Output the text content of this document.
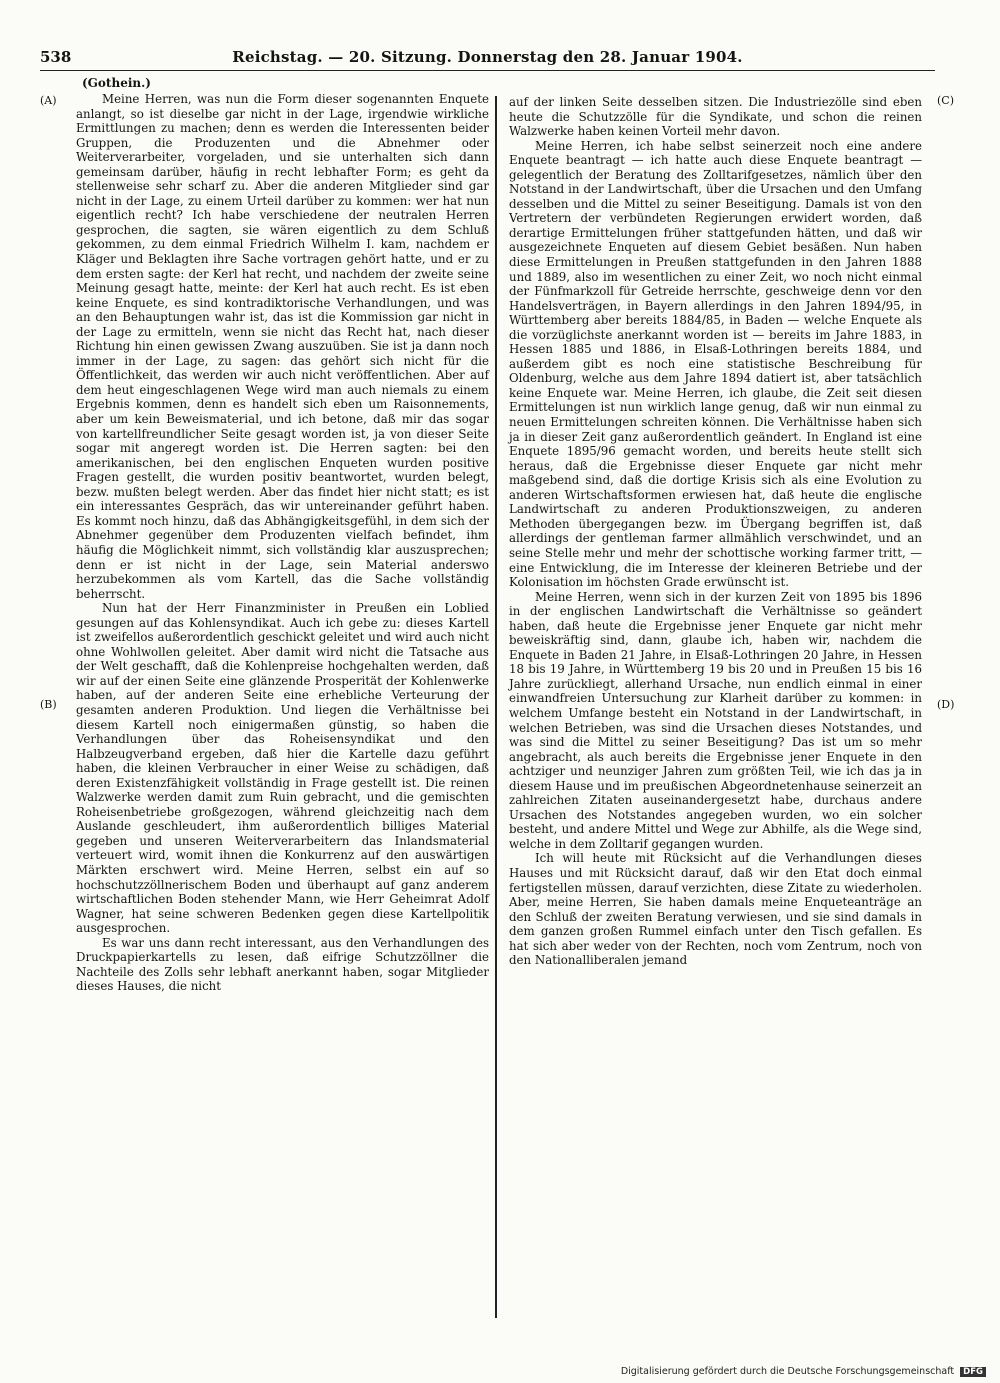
538	Reichstag. — 20. Sitzung. Donnerstag den 28. Januar 1904.
(Gothein.)
(A)
(B)
(C)
(D)

Meine Herren, was nun die Form dieser sogenannten Enquete anlangt, so ist dieselbe gar nicht in der Lage, irgendwie wirkliche Ermittlungen zu machen; denn es werden die Interessenten beider Gruppen, die Produzenten und die Abnehmer oder Weiterverarbeiter, vorgeladen, und sie unterhalten sich dann gemeinsam darüber, häufig in recht lebhafter Form; es geht da stellenweise sehr scharf zu. Aber die anderen Mitglieder sind gar nicht in der Lage, zu einem Urteil darüber zu kommen: wer hat nun eigentlich recht? Ich habe verschiedene der neutralen Herren gesprochen, die sagten, sie wären eigentlich zu dem Schluß gekommen, zu dem einmal Friedrich Wilhelm I. kam, nachdem er Kläger und Beklagten ihre Sache vortragen gehört hatte, und er zu dem ersten sagte: der Kerl hat recht, und nachdem der zweite seine Meinung gesagt hatte, meinte: der Kerl hat auch recht. Es ist eben keine Enquete, es sind kontradiktorische Verhandlungen, und was an den Behauptungen wahr ist, das ist die Kommission gar nicht in der Lage zu ermitteln, wenn sie nicht das Recht hat, nach dieser Richtung hin einen gewissen Zwang auszuüben. Sie ist ja dann noch immer in der Lage, zu sagen: das gehört sich nicht für die Öffentlichkeit, das werden wir auch nicht veröffentlichen. Aber auf dem heut eingeschlagenen Wege wird man auch niemals zu einem Ergebnis kommen, denn es handelt sich eben um Raisonnements, aber um kein Beweismaterial, und ich betone, daß mir das sogar von kartellfreundlicher Seite gesagt worden ist, ja von dieser Seite sogar mit angeregt worden ist. Die Herren sagten: bei den amerikanischen, bei den englischen Enqueten wurden positive Fragen gestellt, die wurden positiv beantwortet, wurden belegt, bezw. mußten belegt werden. Aber das findet hier nicht statt; es ist ein interessantes Gespräch, das wir untereinander geführt haben. Es kommt noch hinzu, daß das Abhängigkeitsgefühl, in dem sich der Abnehmer gegenüber dem Produzenten vielfach befindet, ihm häufig die Möglichkeit nimmt, sich vollständig klar auszusprechen; denn er ist nicht in der Lage, sein Material anderswo herzubekommen als vom Kartell, das die Sache vollständig beherrscht.

Nun hat der Herr Finanzminister in Preußen ein Loblied gesungen auf das Kohlensyndikat. Auch ich gebe zu: dieses Kartell ist zweifellos außerordentlich geschickt geleitet und wird auch nicht ohne Wohlwollen geleitet. Aber damit wird nicht die Tatsache aus der Welt geschafft, daß die Kohlenpreise hochgehalten werden, daß wir auf der einen Seite eine glänzende Prosperität der Kohlenwerke haben, auf der anderen Seite eine erhebliche Verteurung der gesamten anderen Produktion. Und liegen die Verhältnisse bei diesem Kartell noch einigermaßen günstig, so haben die Verhandlungen über das Roheisensyndikat und den Halbzeugverband ergeben, daß hier die Kartelle dazu geführt haben, die kleinen Verbraucher in einer Weise zu schädigen, daß deren Existenzfähigkeit vollständig in Frage gestellt ist. Die reinen Walzwerke werden damit zum Ruin gebracht, und die gemischten Roheisenbetriebe großgezogen, während gleichzeitig nach dem Auslande geschleudert, ihm außerordentlich billiges Material gegeben und unseren Weiterverarbeitern das Inlandsmaterial verteuert wird, womit ihnen die Konkurrenz auf den auswärtigen Märkten erschwert wird. Meine Herren, selbst ein auf so hochschutzzöllnerischem Boden und überhaupt auf ganz anderem wirtschaftlichen Boden stehender Mann, wie Herr Geheimrat Adolf Wagner, hat seine schweren Bedenken gegen diese Kartellpolitik ausgesprochen.

Es war uns dann recht interessant, aus den Verhandlungen des Druckpapierkartells zu lesen, daß eifrige Schutzzöllner die Nachteile des Zolls sehr lebhaft anerkannt haben, sogar Mitglieder dieses Hauses, die nicht

auf der linken Seite desselben sitzen. Die Industriezölle sind eben heute die Schutzzölle für die Syndikate, und schon die reinen Walzwerke haben keinen Vorteil mehr davon.

Meine Herren, ich habe selbst seinerzeit noch eine andere Enquete beantragt — ich hatte auch diese Enquete beantragt — gelegentlich der Beratung des Zolltarifgesetzes, nämlich über den Notstand in der Landwirtschaft, über die Ursachen und den Umfang desselben und die Mittel zu seiner Beseitigung. Damals ist von den Vertretern der verbündeten Regierungen erwidert worden, daß derartige Ermittelungen früher stattgefunden hätten, und daß wir ausgezeichnete Enqueten auf diesem Gebiet besäßen. Nun haben diese Ermittelungen in Preußen stattgefunden in den Jahren 1888 und 1889, also im wesentlichen zu einer Zeit, wo noch nicht einmal der Fünfmarkzoll für Getreide herrschte, geschweige denn vor den Handelsverträgen, in Bayern allerdings in den Jahren 1894/95, in Württemberg aber bereits 1884/85, in Baden — welche Enquete als die vorzüglichste anerkannt worden ist — bereits im Jahre 1883, in Hessen 1885 und 1886, in Elsaß-Lothringen bereits 1884, und außerdem gibt es noch eine statistische Beschreibung für Oldenburg, welche aus dem Jahre 1894 datiert ist, aber tatsächlich keine Enquete war. Meine Herren, ich glaube, die Zeit seit diesen Ermittelungen ist nun wirklich lange genug, daß wir nun einmal zu neuen Ermittelungen schreiten können. Die Verhältnisse haben sich ja in dieser Zeit ganz außerordentlich geändert. In England ist eine Enquete 1895/96 gemacht worden, und bereits heute stellt sich heraus, daß die Ergebnisse dieser Enquete gar nicht mehr maßgebend sind, daß die dortige Krisis sich als eine Evolution zu anderen Wirtschaftsformen erwiesen hat, daß heute die englische Landwirtschaft zu anderen Produktionszweigen, zu anderen Methoden übergegangen bezw. im Übergang begriffen ist, daß allerdings der gentleman farmer allmählich verschwindet, und an seine Stelle mehr und mehr der schottische working farmer tritt, — eine Entwicklung, die im Interesse der kleineren Betriebe und der Kolonisation im höchsten Grade erwünscht ist.

Meine Herren, wenn sich in der kurzen Zeit von 1895 bis 1896 in der englischen Landwirtschaft die Verhältnisse so geändert haben, daß heute die Ergebnisse jener Enquete gar nicht mehr beweiskräftig sind, dann, glaube ich, haben wir, nachdem die Enquete in Baden 21 Jahre, in Elsaß-Lothringen 20 Jahre, in Hessen 18 bis 19 Jahre, in Württemberg 19 bis 20 und in Preußen 15 bis 16 Jahre zurückliegt, allerhand Ursache, nun endlich einmal in einer einwandfreien Untersuchung zur Klarheit darüber zu kommen: in welchem Umfange besteht ein Notstand in der Landwirtschaft, in welchen Betrieben, was sind die Ursachen dieses Notstandes, und was sind die Mittel zu seiner Beseitigung? Das ist um so mehr angebracht, als auch bereits die Ergebnisse jener Enquete in den achtziger und neunziger Jahren zum größten Teil, wie ich das ja in diesem Hause und im preußischen Abgeordnetenhause seinerzeit an zahlreichen Zitaten auseinandergesetzt habe, durchaus andere Ursachen des Notstandes angegeben wurden, wo ein solcher besteht, und andere Mittel und Wege zur Abhilfe, als die Wege sind, welche in dem Zolltarif gegangen wurden.

Ich will heute mit Rücksicht auf die Verhandlungen dieses Hauses und mit Rücksicht darauf, daß wir den Etat doch einmal fertigstellen müssen, darauf verzichten, diese Zitate zu wiederholen. Aber, meine Herren, Sie haben damals meine Enqueteanträge an den Schluß der zweiten Beratung verwiesen, und sie sind damals in dem ganzen großen Rummel einfach unter den Tisch gefallen. Es hat sich aber weder von der Rechten, noch vom Zentrum, noch von den Nationalliberalen jemand

Digitalisierung gefördert durch die Deutsche Forschungsgemeinschaft DFG
